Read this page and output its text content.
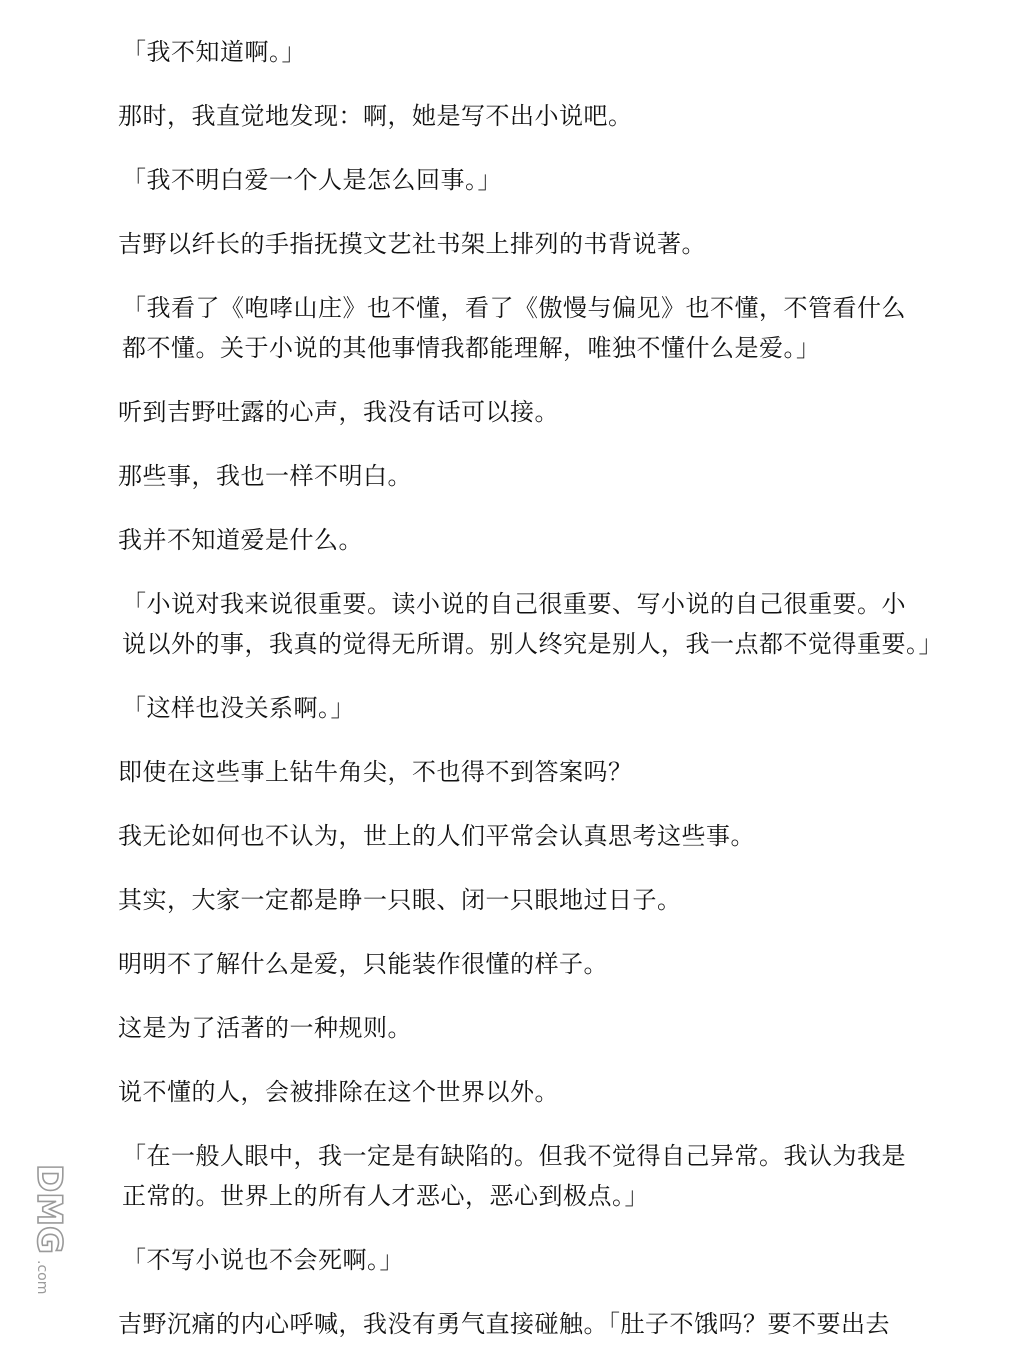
「我不知道啊。」

那时，我直觉地发现：啊，她是写不出小说吧。

「我不明白爱一个人是怎么回事。」

吉野以纤长的手指抚摸文艺社书架上排列的书背说著。

「我看了《咆哮山庄》也不懂，看了《傲慢与偏见》也不懂，不管看什么
都不懂。关于小说的其他事情我都能理解，唯独不懂什么是爱。」

听到吉野吐露的心声，我没有话可以接。

那些事，我也一样不明白。

我并不知道爱是什么。

「小说对我来说很重要。读小说的自己很重要、写小说的自己很重要。小
说以外的事，我真的觉得无所谓。别人终究是别人，我一点都不觉得重要。」

「这样也没关系啊。」

即使在这些事上钻牛角尖，不也得不到答案吗？

我无论如何也不认为，世上的人们平常会认真思考这些事。

其实，大家一定都是睁一只眼、闭一只眼地过日子。

明明不了解什么是爱，只能装作很懂的样子。

这是为了活著的一种规则。

说不懂的人，会被排除在这个世界以外。

「在一般人眼中，我一定是有缺陷的。但我不觉得自己异常。我认为我是
正常的。世界上的所有人才恶心，恶心到极点。」

「不写小说也不会死啊。」

吉野沉痛的内心呼喊，我没有勇气直接碰触。「肚子不饿吗？要不要出去

DMG
.com
